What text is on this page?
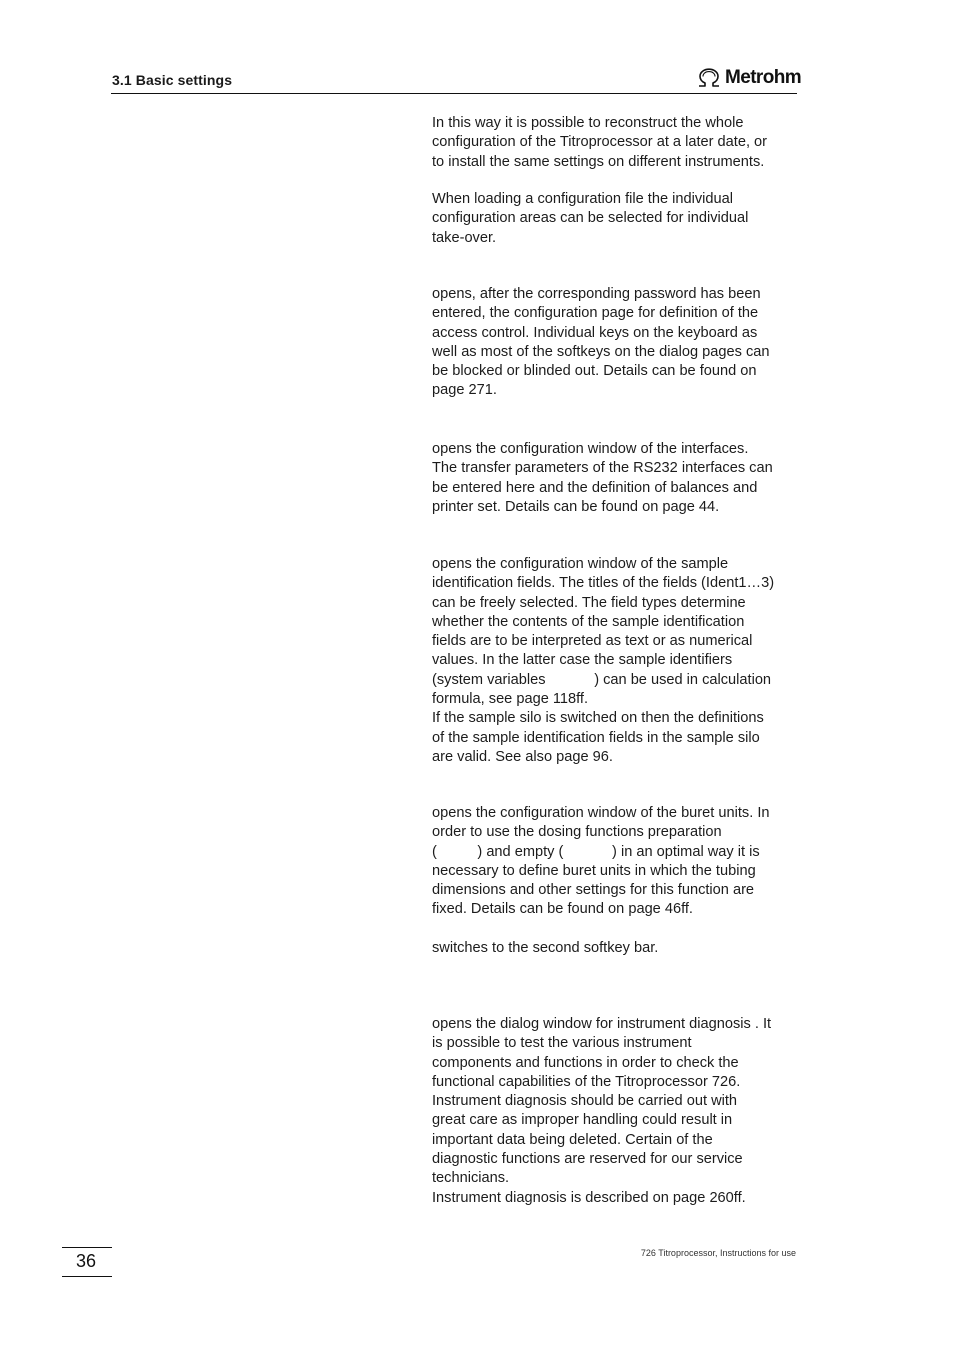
3.1 Basic settings	Metrohm
In this way it is possible to reconstruct the whole
configuration of the Titroprocessor at a later date, or
to install the same settings on different instruments.
When loading a configuration file the individual
configuration areas can be selected for individual
take-over.
opens, after the corresponding password has been
entered, the configuration page for definition of the
access control. Individual keys on the keyboard as
well as most of the softkeys on the dialog pages can
be blocked or blinded out. Details can be found on
page 271.
opens the configuration window of the interfaces.
The transfer parameters of the RS232 interfaces can
be entered here and the definition of balances and
printer set. Details can be found on page 44.
opens the configuration window of the sample
identification fields. The titles of the fields (Ident1…3)
can be freely selected. The field types determine
whether the contents of the sample identification
fields are to be interpreted as text or as numerical
values. In the latter case the sample identifiers
(system variables            ) can be used in calculation
formula, see page 118ff.
If the sample silo is switched on then the definitions
of the sample identification fields in the sample silo
are valid. See also page 96.
opens the configuration window of the buret units. In
order to use the dosing functions preparation
(          ) and empty (            ) in an optimal way it is
necessary to define buret units in which the tubing
dimensions and other settings for this function are
fixed. Details can be found on page 46ff.
switches to the second softkey bar.
opens the dialog window for instrument diagnosis . It
is possible to test the various instrument
components and functions in order to check the
functional capabilities of the Titroprocessor 726.
Instrument diagnosis should be carried out with
great care as improper handling could result in
important data being deleted. Certain of the
diagnostic functions are reserved for our service
technicians.
Instrument diagnosis is described on page 260ff.
36	726 Titroprocessor, Instructions for use
